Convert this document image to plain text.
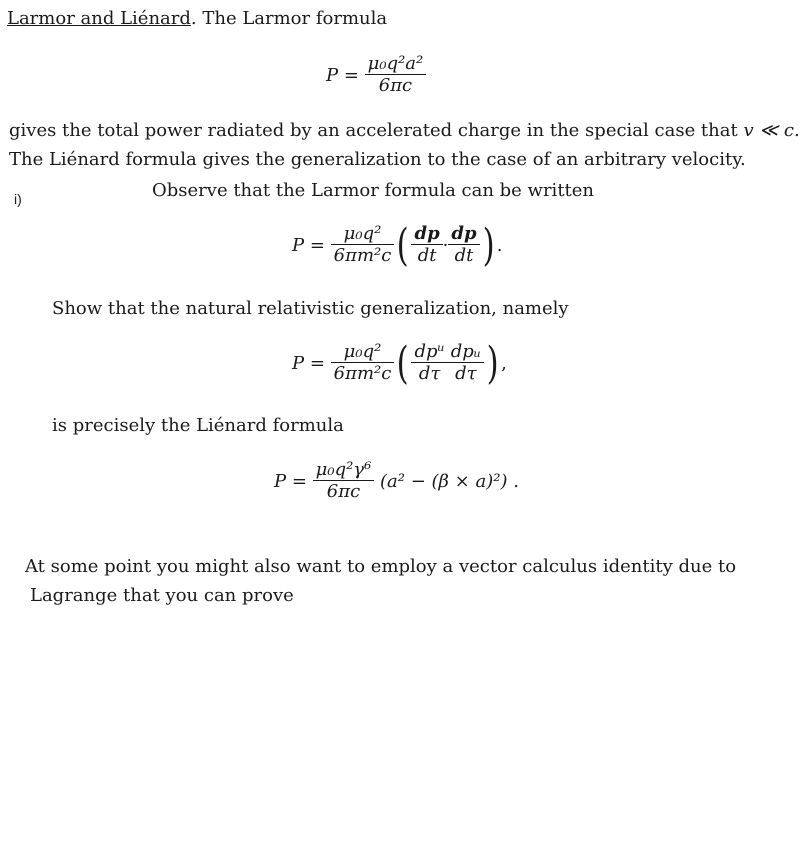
Larmor and Liénard. The Larmor formula
P =
$\frac{\text{μ₀q²a²}}{6\pi c}$
gives the total power radiated by an accelerated charge in the special case that v ≪ c.
The Liénard formula gives the generalization to the case of an arbitrary velocity.
i)	Observe that the Larmor formula can be written
P =
$\frac{\text{μ₀q²}}{\text{6πm²c}}$ ( $\frac{dp}{dt} \cdot \frac{dp}{dt}$ ) .
Show that the natural relativistic generalization, namely
P =
$\frac{\text{μ₀q²}}{\text{6πm²c}}$ ( $\frac{\text{dpᵘ}}{d\tau} \frac{\text{dpᵤ}}{d\tau}$ ) ,
is precisely the Liénard formula
P =
$\frac{\text{μ₀q²γ⁶}}{6\pi c}$
(a² − (β × a)²) .
At some point you might also want to employ a vector calculus identity due to
Lagrange that you can prove
